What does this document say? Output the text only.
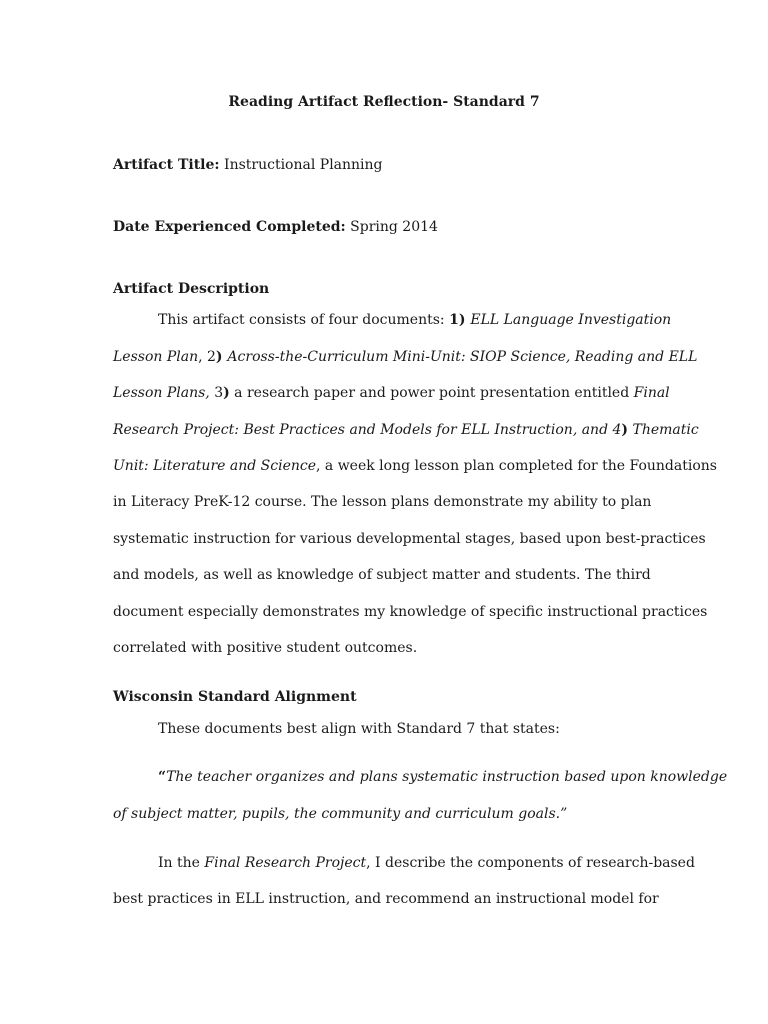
Reading Artifact Reflection- Standard 7
Artifact Title: Instructional Planning
Date Experienced Completed: Spring 2014
Artifact Description
This artifact consists of four documents: 1) ELL Language Investigation
Lesson Plan, 2) Across-the-Curriculum Mini-Unit: SIOP Science, Reading and ELL
Lesson Plans, 3) a research paper and power point presentation entitled Final
Research Project: Best Practices and Models for ELL Instruction, and 4) Thematic
Unit: Literature and Science, a week long lesson plan completed for the Foundations
in Literacy PreK-12 course. The lesson plans demonstrate my ability to plan
systematic instruction for various developmental stages, based upon best-practices
and models, as well as knowledge of subject matter and students. The third
document especially demonstrates my knowledge of specific instructional practices
correlated with positive student outcomes.
Wisconsin Standard Alignment
These documents best align with Standard 7 that states:
“The teacher organizes and plans systematic instruction based upon knowledge
of subject matter, pupils, the community and curriculum goals.”
In the Final Research Project, I describe the components of research-based
best practices in ELL instruction, and recommend an instructional model for
